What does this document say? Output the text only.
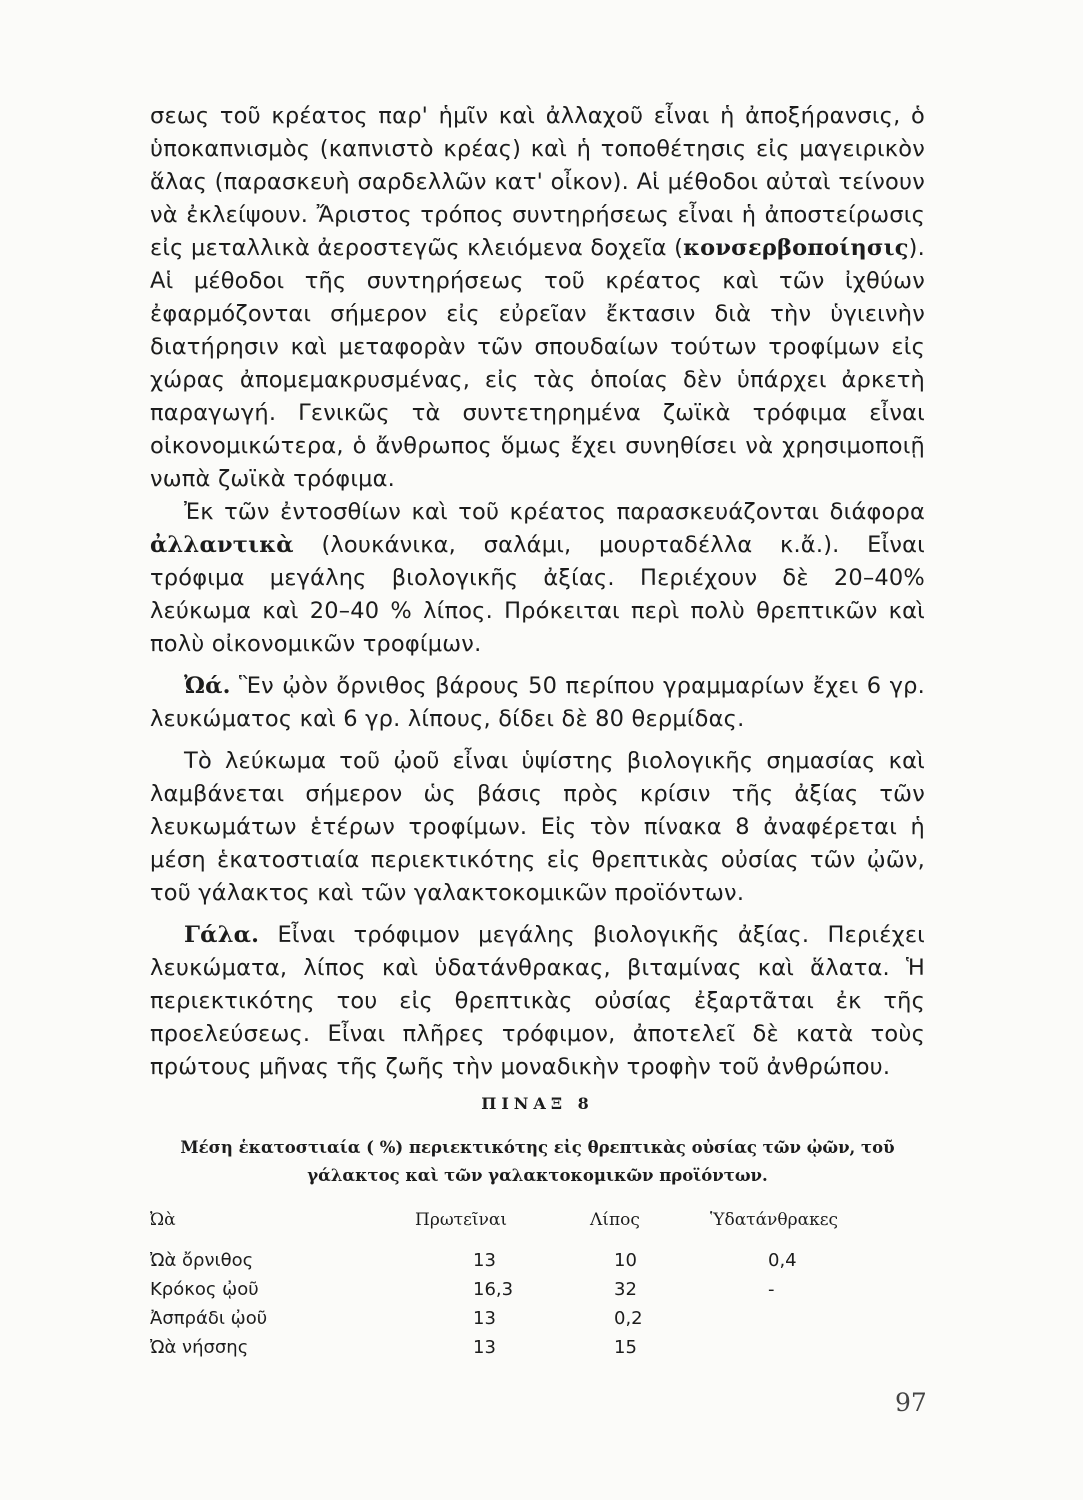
σεως τοῦ κρέατος παρ' ἡμῖν καὶ ἀλλαχοῦ εἶναι ἡ ἀποξήρανσις, ὁ ὑποκαπνισμὸς (καπνιστὸ κρέας) καὶ ἡ τοποθέτησις εἰς μαγειρικὸν ἅλας (παρασκευὴ σαρδελλῶν κατ' οἶκον). Αἱ μέθοδοι αὐταὶ τείνουν νὰ ἐκλείψουν. Ἄριστος τρόπος συντηρήσεως εἶναι ἡ ἀποστείρωσις εἰς μεταλλικὰ ἀεροστεγῶς κλειόμενα δοχεῖα (κονσερβοποίησις). Αἱ μέθοδοι τῆς συντηρήσεως τοῦ κρέατος καὶ τῶν ἰχθύων ἐφαρμόζονται σήμερον εἰς εὐρεῖαν ἔκτασιν διὰ τὴν ὑγιεινὴν διατήρησιν καὶ μεταφορὰν τῶν σπουδαίων τούτων τροφίμων εἰς χώρας ἀπομεμακρυσμένας, εἰς τὰς ὁποίας δὲν ὑπάρχει ἀρκετὴ παραγωγή. Γενικῶς τὰ συντετηρημένα ζωϊκὰ τρόφιμα εἶναι οἰκονομικώτερα, ὁ ἄνθρωπος ὅμως ἔχει συνηθίσει νὰ χρησιμοποιῇ νωπὰ ζωϊκὰ τρόφιμα.

Ἐκ τῶν ἐντοσθίων καὶ τοῦ κρέατος παρασκευάζονται διάφορα ἀλλαντικὰ (λουκάνικα, σαλάμι, μουρταδέλλα κ.ἄ.). Εἶναι τρόφιμα μεγάλης βιολογικῆς ἀξίας. Περιέχουν δὲ 20–40% λεύκωμα καὶ 20–40 % λίπος. Πρόκειται περὶ πολὺ θρεπτικῶν καὶ πολὺ οἰκονομικῶν τροφίμων.

Ὠά. Ἓν ᾠὸν ὄρνιθος βάρους 50 περίπου γραμμαρίων ἔχει 6 γρ. λευκώματος καὶ 6 γρ. λίπους, δίδει δὲ 80 θερμίδας.

Τὸ λεύκωμα τοῦ ᾠοῦ εἶναι ὑψίστης βιολογικῆς σημασίας καὶ λαμβάνεται σήμερον ὡς βάσις πρὸς κρίσιν τῆς ἀξίας τῶν λευκωμάτων ἑτέρων τροφίμων. Εἰς τὸν πίνακα 8 ἀναφέρεται ἡ μέση ἑκατοστιαία περιεκτικότης εἰς θρεπτικὰς οὐσίας τῶν ᾠῶν, τοῦ γάλακτος καὶ τῶν γαλακτοκομικῶν προϊόντων.

Γάλα. Εἶναι τρόφιμον μεγάλης βιολογικῆς ἀξίας. Περιέχει λευκώματα, λίπος καὶ ὑδατάνθρακας, βιταμίνας καὶ ἅλατα. Ἡ περιεκτικότης του εἰς θρεπτικὰς οὐσίας ἐξαρτᾶται ἐκ τῆς προελεύσεως. Εἶναι πλῆρες τρόφιμον, ἀποτελεῖ δὲ κατὰ τοὺς πρώτους μῆνας τῆς ζωῆς τὴν μοναδικὴν τροφὴν τοῦ ἀνθρώπου.

ΠΙΝΑΞ 8
Μέση ἑκατοστιαία ( %) περιεκτικότης εἰς θρεπτικὰς οὐσίας τῶν ᾠῶν, τοῦ γάλακτος καὶ τῶν γαλακτοκομικῶν προϊόντων.
Ὠὰ	Πρωτεῖναι	Λίπος	Ὑδατάνθρακες
Ὠὰ ὄρνιθος	13	10	0,4
Κρόκος ᾠοῦ	16,3	32	-
Ἀσπράδι ᾠοῦ	13	0,2	
Ὠὰ νήσσης	13	15	
97
